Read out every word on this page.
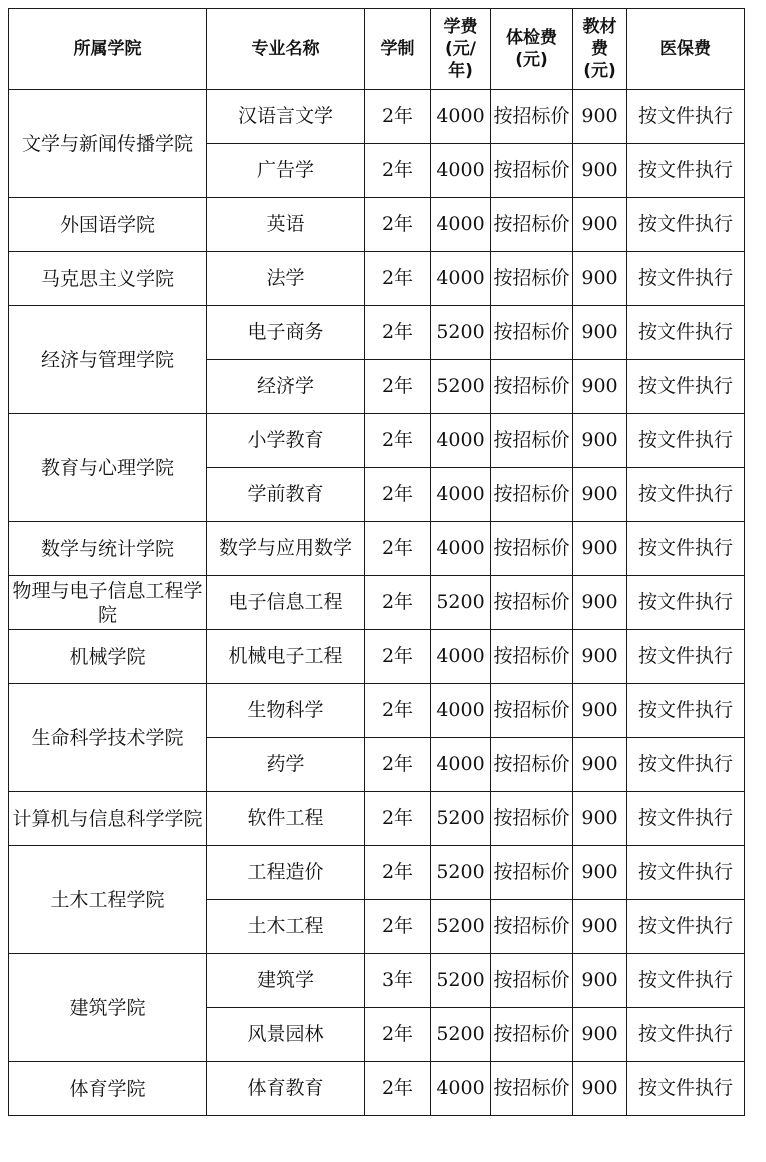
所属学院	专业名称	学制	学费(元/年)	体检费(元)	教材费(元)	医保费
文学与新闻传播学院	汉语言文学	2年	4000	按招标价	900	按文件执行
	广告学	2年	4000	按招标价	900	按文件执行
外国语学院	英语	2年	4000	按招标价	900	按文件执行
马克思主义学院	法学	2年	4000	按招标价	900	按文件执行
经济与管理学院	电子商务	2年	5200	按招标价	900	按文件执行
	经济学	2年	5200	按招标价	900	按文件执行
教育与心理学院	小学教育	2年	4000	按招标价	900	按文件执行
	学前教育	2年	4000	按招标价	900	按文件执行
数学与统计学院	数学与应用数学	2年	4000	按招标价	900	按文件执行
物理与电子信息工程学院	电子信息工程	2年	5200	按招标价	900	按文件执行
机械学院	机械电子工程	2年	4000	按招标价	900	按文件执行
生命科学技术学院	生物科学	2年	4000	按招标价	900	按文件执行
	药学	2年	4000	按招标价	900	按文件执行
计算机与信息科学学院	软件工程	2年	5200	按招标价	900	按文件执行
土木工程学院	工程造价	2年	5200	按招标价	900	按文件执行
	土木工程	2年	5200	按招标价	900	按文件执行
建筑学院	建筑学	3年	5200	按招标价	900	按文件执行
	风景园林	2年	5200	按招标价	900	按文件执行
体育学院	体育教育	2年	4000	按招标价	900	按文件执行
